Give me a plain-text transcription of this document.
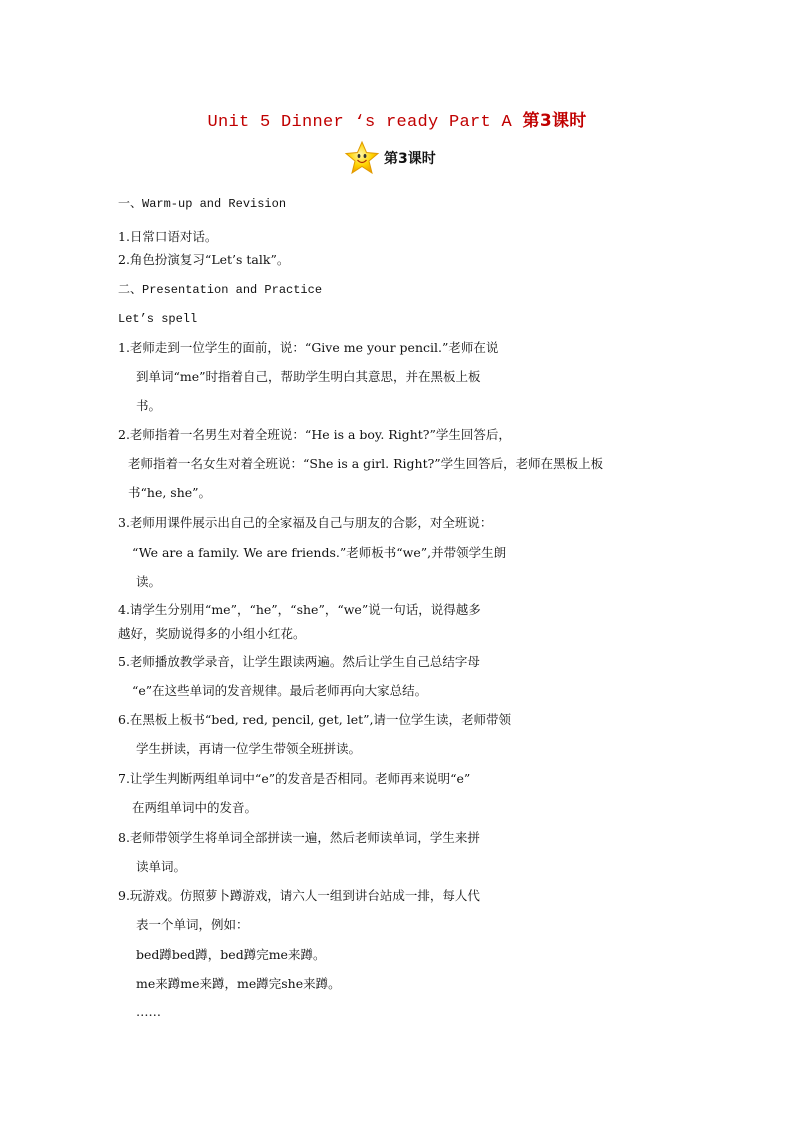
Unit 5 Dinner ‘s ready Part A 第3课时
第3课时
一、Warm-up and Revision
1.日常口语对话。
2.角色扮演复习“Let’s talk”。
二、Presentation and Practice
Let’s spell
1.老师走到一位学生的面前，说：“Give me your pencil.”老师在说
到单词“me”时指着自己，帮助学生明白其意思，并在黑板上板
书。
2.老师指着一名男生对着全班说：“He is a boy. Right?”学生回答后，
老师指着一名女生对着全班说：“She is a girl. Right?”学生回答后，老师在黑板上板
书“he, she”。
3.老师用课件展示出自己的全家福及自己与朋友的合影，对全班说：
“We are a family. We are friends.”老师板书“we”,并带领学生朗
读。
4.请学生分别用“me”，“he”，“she”，“we”说一句话，说得越多
越好，奖励说得多的小组小红花。
5.老师播放教学录音，让学生跟读两遍。然后让学生自己总结字母
“e”在这些单词的发音规律。最后老师再向大家总结。
6.在黑板上板书“bed, red, pencil, get, let”,请一位学生读，老师带领
学生拼读，再请一位学生带领全班拼读。
7.让学生判断两组单词中“e”的发音是否相同。老师再来说明“e”
在两组单词中的发音。
8.老师带领学生将单词全部拼读一遍，然后老师读单词，学生来拼
读单词。
9.玩游戏。仿照萝卜蹲游戏，请六人一组到讲台站成一排，每人代
表一个单词，例如：
bed蹲bed蹲，bed蹲完me来蹲。
me来蹲me来蹲，me蹲完she来蹲。
……
